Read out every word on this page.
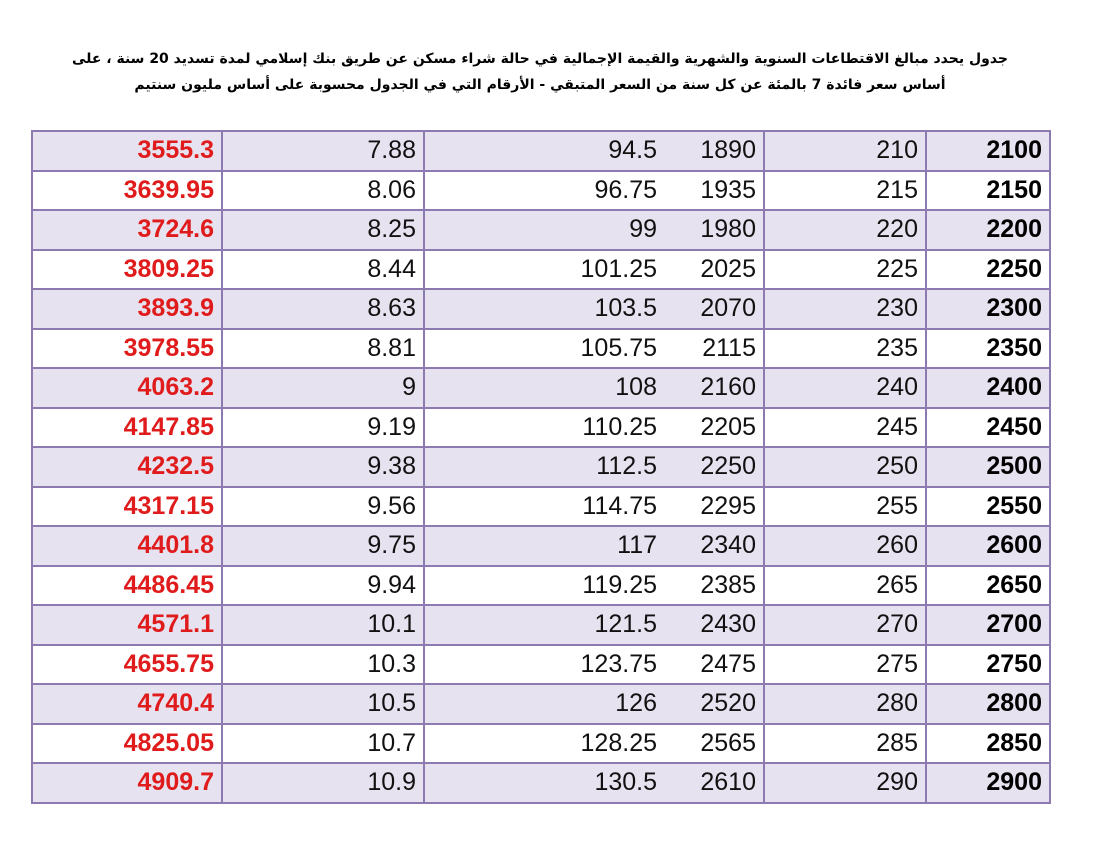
جدول يحدد مبالغ الاقتطاعات السنوية والشهرية والقيمة الإجمالية في حالة شراء مسكن عن طريق بنك إسلامي لمدة تسديد 20 سنة ، على
أساس سعر فائدة 7 بالمئة عن كل سنة من السعر المتبقي - الأرقام التي في الجدول محسوبة على أساس مليون سنتيم
3555.3	7.88	94.5	1890	210	2100
3639.95	8.06	96.75	1935	215	2150
3724.6	8.25	99	1980	220	2200
3809.25	8.44	101.25	2025	225	2250
3893.9	8.63	103.5	2070	230	2300
3978.55	8.81	105.75	2115	235	2350
4063.2	9	108	2160	240	2400
4147.85	9.19	110.25	2205	245	2450
4232.5	9.38	112.5	2250	250	2500
4317.15	9.56	114.75	2295	255	2550
4401.8	9.75	117	2340	260	2600
4486.45	9.94	119.25	2385	265	2650
4571.1	10.1	121.5	2430	270	2700
4655.75	10.3	123.75	2475	275	2750
4740.4	10.5	126	2520	280	2800
4825.05	10.7	128.25	2565	285	2850
4909.7	10.9	130.5	2610	290	2900
